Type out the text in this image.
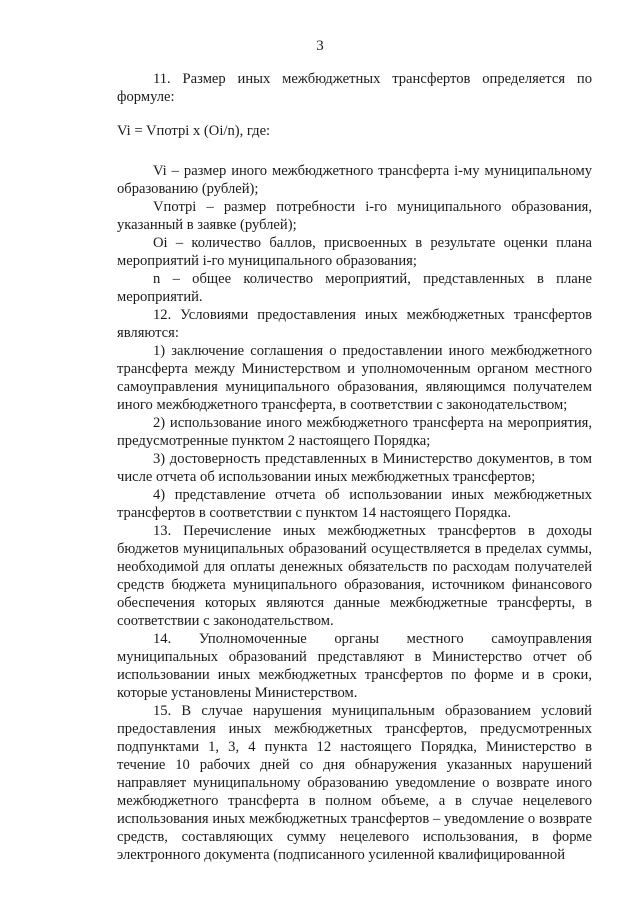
3

11. Размер иных межбюджетных трансфертов определяется по формуле:

Vi = Vпотрi x (Oi/n), где:

Vi – размер иного межбюджетного трансферта i-му муниципальному образованию (рублей);

Vпотрi – размер потребности i-го муниципального образования, указанный в заявке (рублей);

Oi – количество баллов, присвоенных в результате оценки плана мероприятий i-го муниципального образования;

n – общее количество мероприятий, представленных в плане мероприятий.

12. Условиями предоставления иных межбюджетных трансфертов являются:

1) заключение соглашения о предоставлении иного межбюджетного трансферта между Министерством и уполномоченным органом местного самоуправления муниципального образования, являющимся получателем иного межбюджетного трансферта, в соответствии с законодательством;

2) использование иного межбюджетного трансферта на мероприятия, предусмотренные пунктом 2 настоящего Порядка;

3) достоверность представленных в Министерство документов, в том числе отчета об использовании иных межбюджетных трансфертов;

4) представление отчета об использовании иных межбюджетных трансфертов в соответствии с пунктом 14 настоящего Порядка.

13. Перечисление иных межбюджетных трансфертов в доходы бюджетов муниципальных образований осуществляется в пределах суммы, необходимой для оплаты денежных обязательств по расходам получателей средств бюджета муниципального образования, источником финансового обеспечения которых являются данные межбюджетные трансферты, в соответствии с законодательством.

14. Уполномоченные органы местного самоуправления муниципальных образований представляют в Министерство отчет об использовании иных межбюджетных трансфертов по форме и в сроки, которые установлены Министерством.

15. В случае нарушения муниципальным образованием условий предоставления иных межбюджетных трансфертов, предусмотренных подпунктами 1, 3, 4 пункта 12 настоящего Порядка, Министерство в течение 10 рабочих дней со дня обнаружения указанных нарушений направляет муниципальному образованию уведомление о возврате иного межбюджетного трансферта в полном объеме, а в случае нецелевого использования иных межбюджетных трансфертов – уведомление о возврате средств, составляющих сумму нецелевого использования, в форме электронного документа (подписанного усиленной квалифицированной
